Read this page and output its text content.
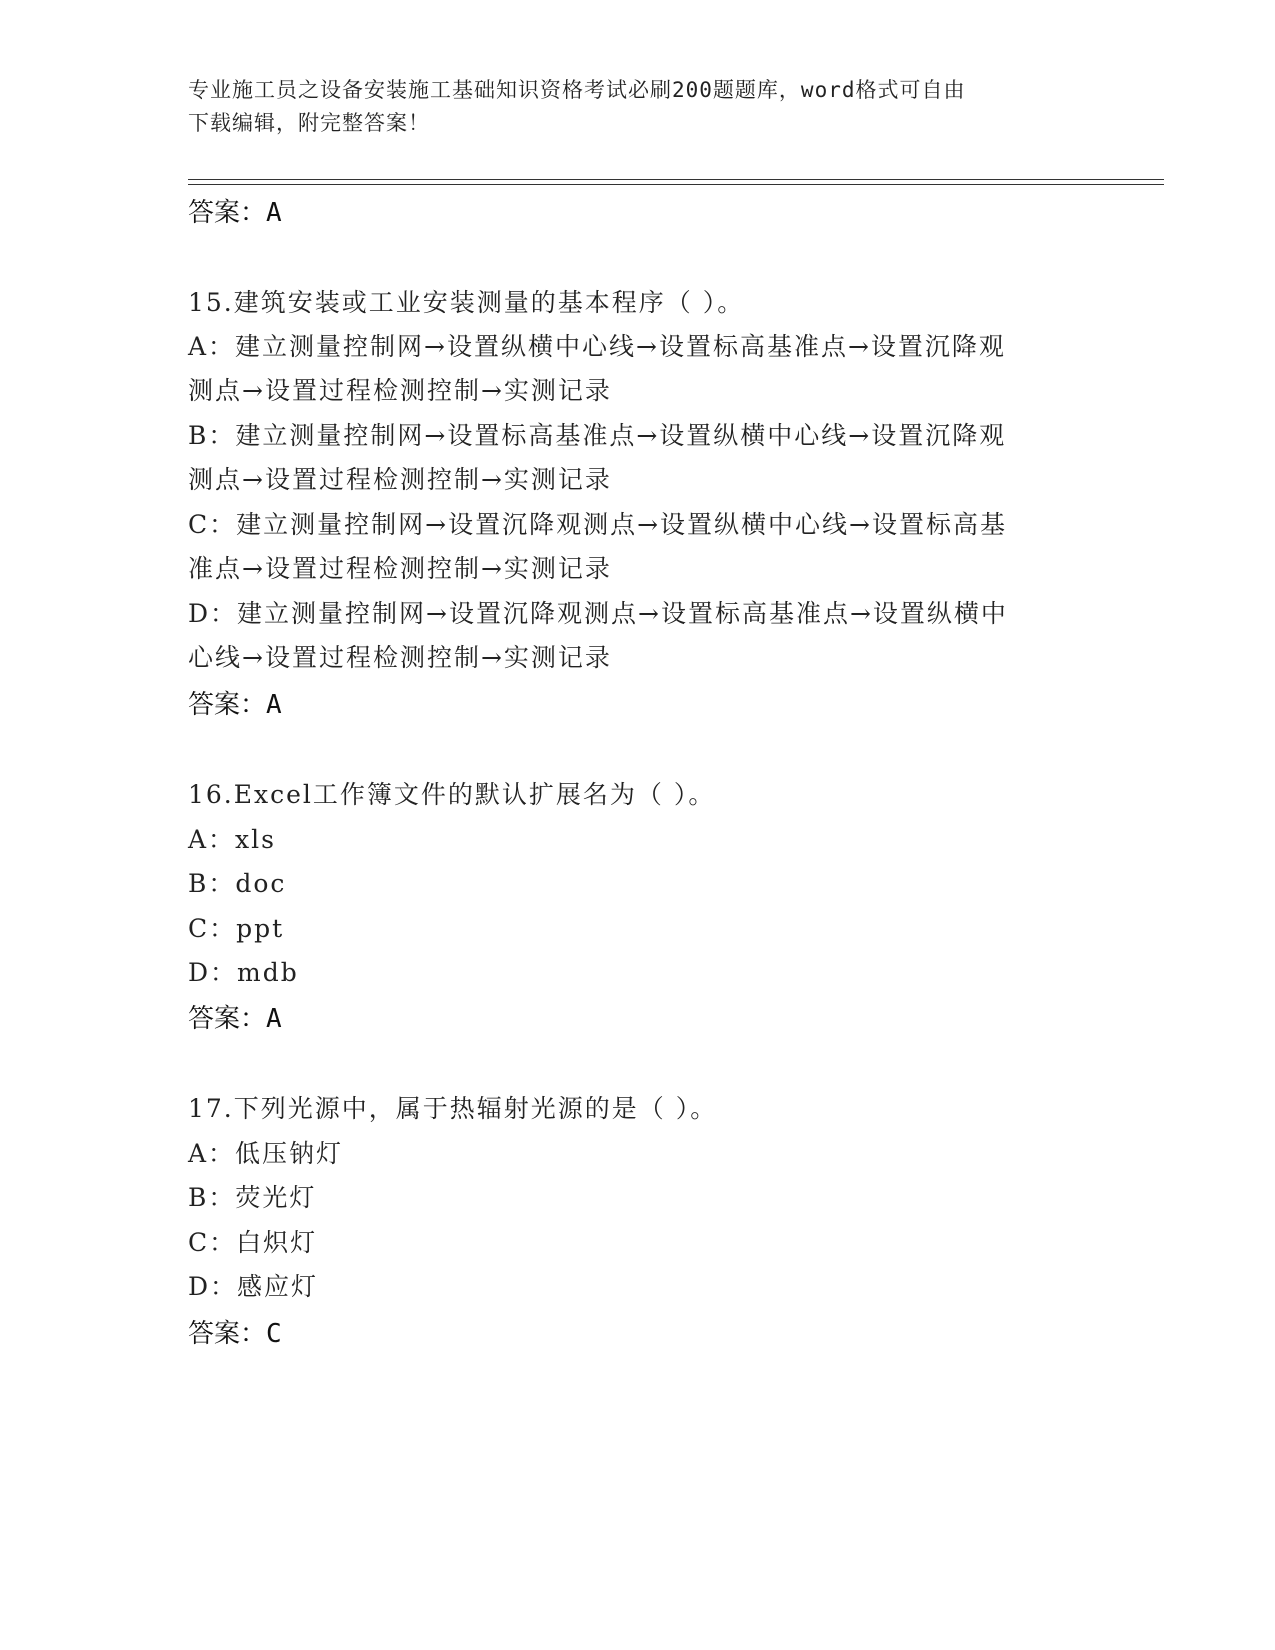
专业施工员之设备安装施工基础知识资格考试必刷200题题库，word格式可自由
下载编辑，附完整答案！
答案：A
15.建筑安装或工业安装测量的基本程序（ ）。
A：建立测量控制网→设置纵横中心线→设置标高基准点→设置沉降观
测点→设置过程检测控制→实测记录
B：建立测量控制网→设置标高基准点→设置纵横中心线→设置沉降观
测点→设置过程检测控制→实测记录
C：建立测量控制网→设置沉降观测点→设置纵横中心线→设置标高基
准点→设置过程检测控制→实测记录
D：建立测量控制网→设置沉降观测点→设置标高基准点→设置纵横中
心线→设置过程检测控制→实测记录
答案：A
16.Excel工作簿文件的默认扩展名为（ ）。
A：xls
B：doc
C：ppt
D：mdb
答案：A
17.下列光源中，属于热辐射光源的是（ ）。
A：低压钠灯
B：荧光灯
C：白炽灯
D：感应灯
答案：C
